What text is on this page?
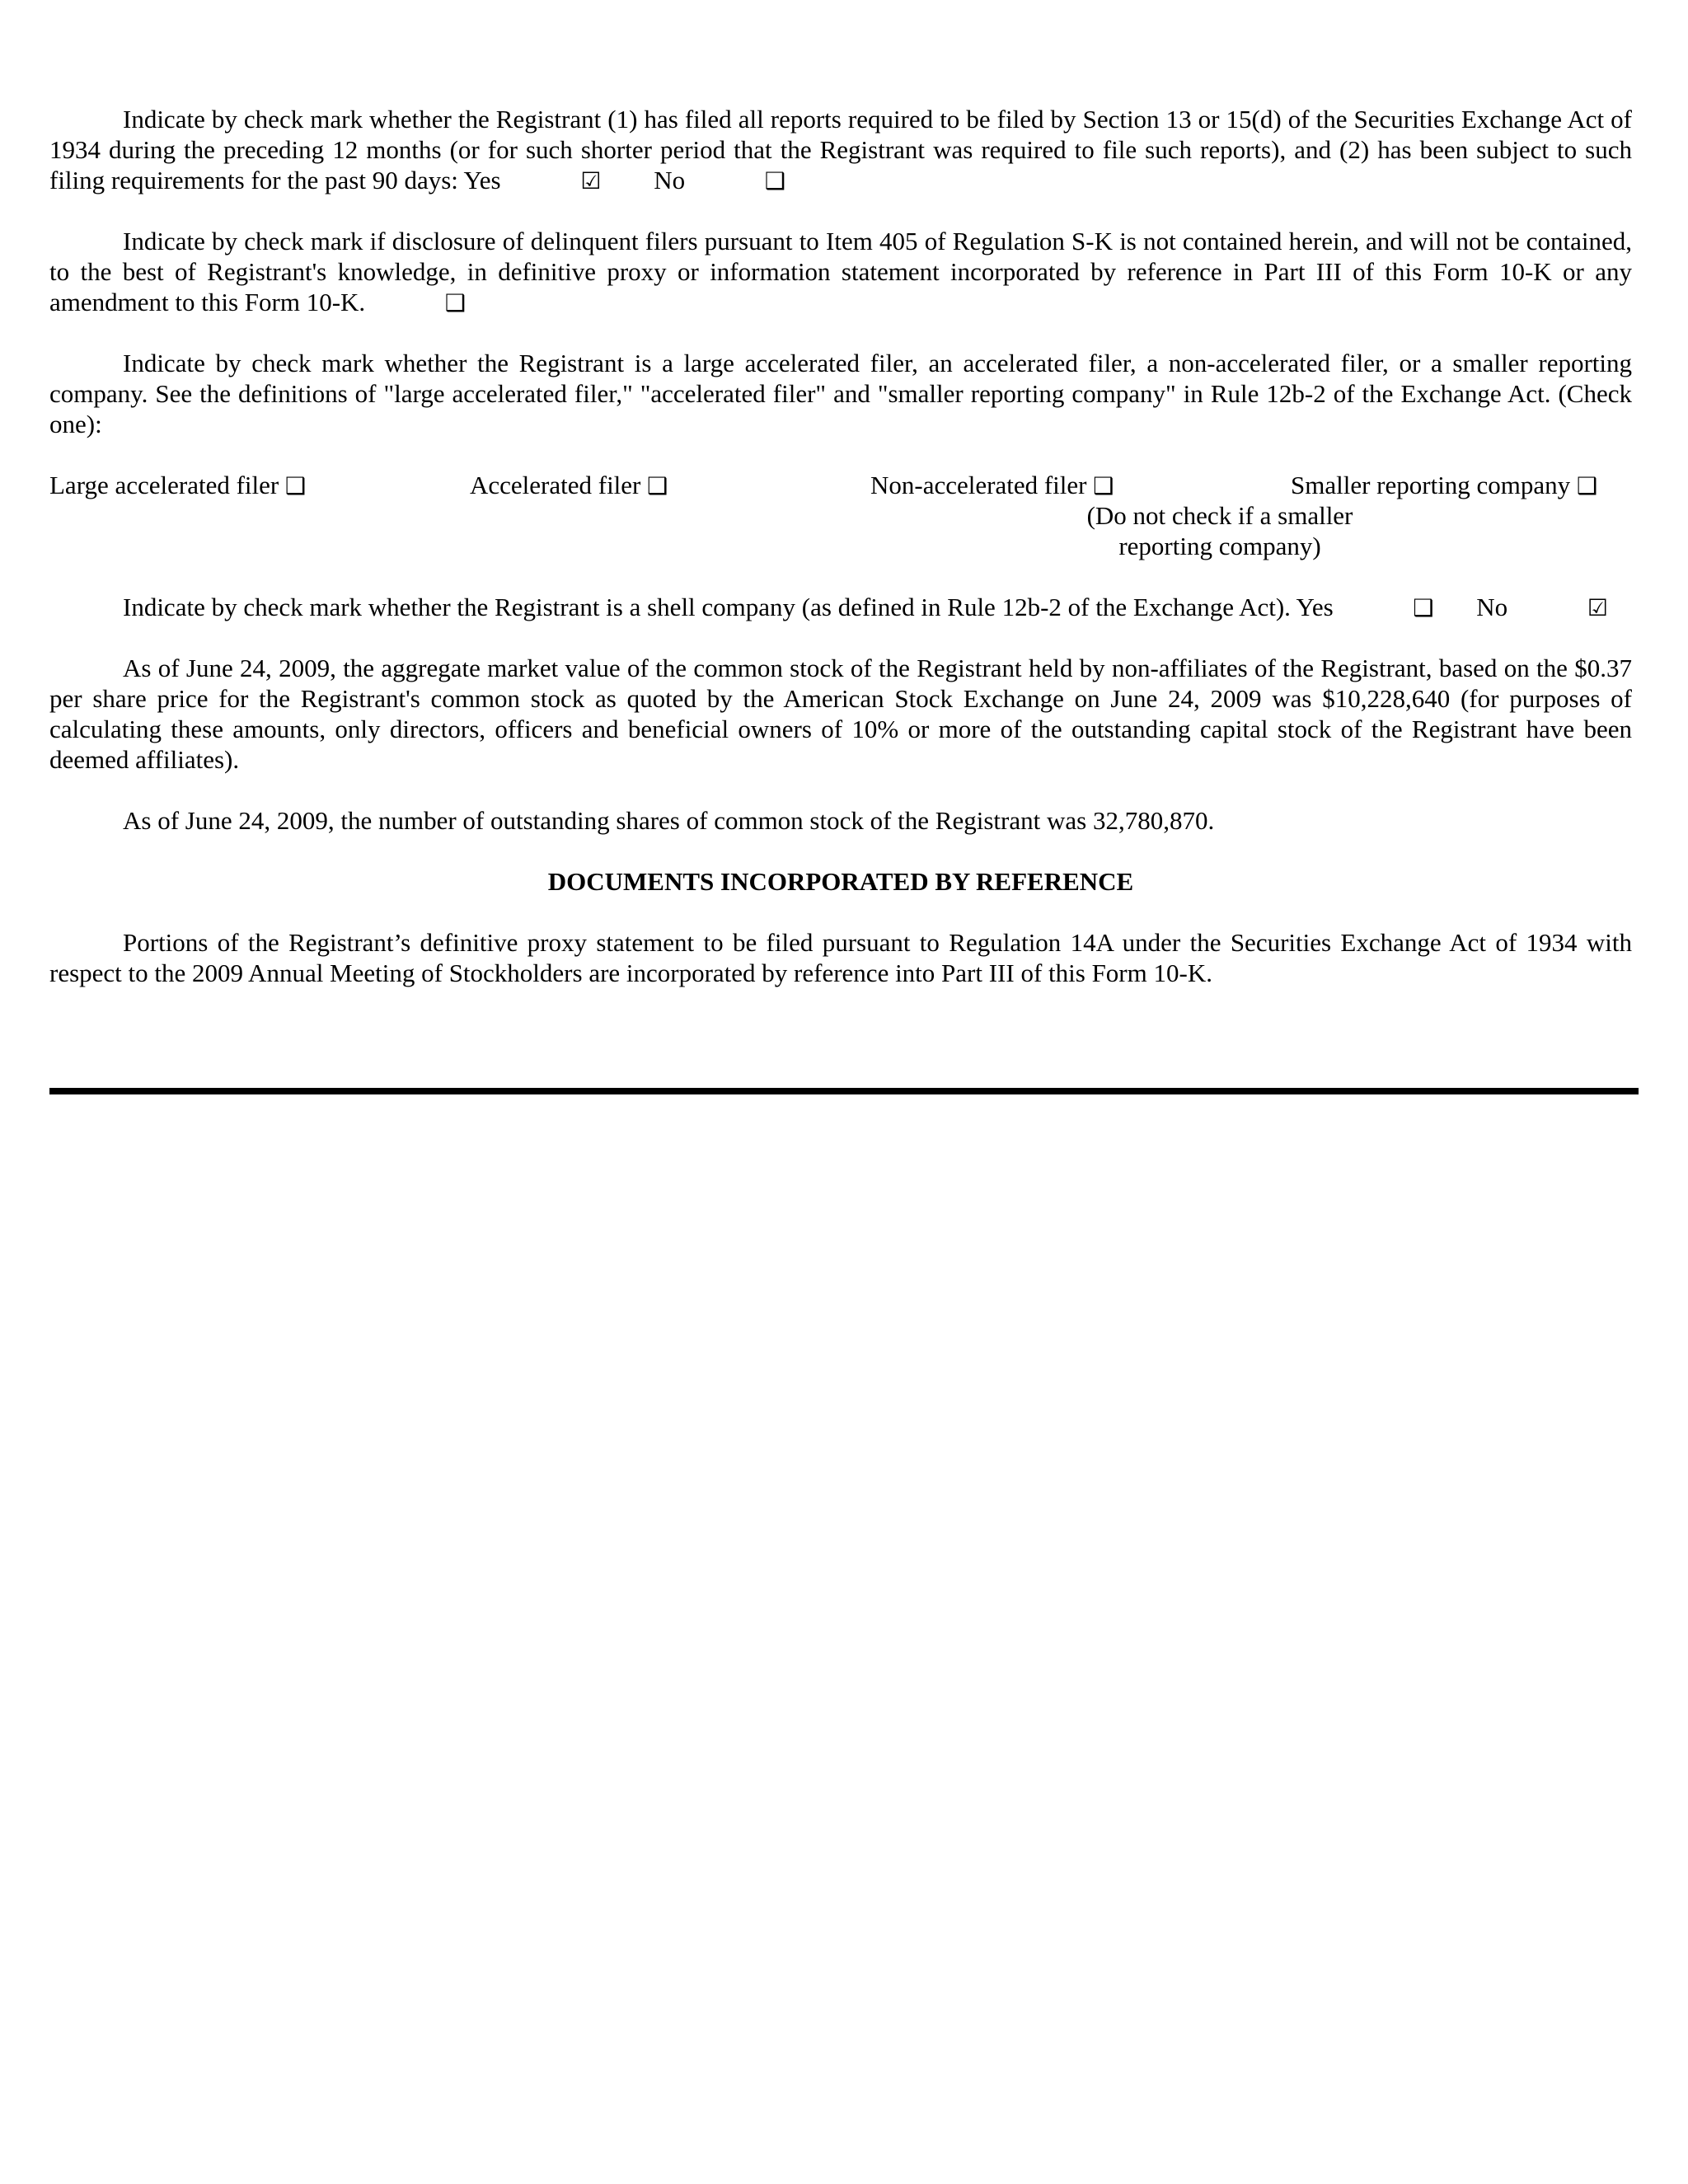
Indicate by check mark whether the Registrant (1) has filed all reports required to be filed by Section 13 or 15(d) of the Securities Exchange Act of 1934 during the preceding 12 months (or for such shorter period that the Registrant was required to file such reports), and (2) has been subject to such filing requirements for the past 90 days: Yes	☑ No	❑

Indicate by check mark if disclosure of delinquent filers pursuant to Item 405 of Regulation S-K is not contained herein, and will not be contained, to the best of Registrant's knowledge, in definitive proxy or information statement incorporated by reference in Part III of this Form 10-K or any amendment to this Form 10-K.	❑

Indicate by check mark whether the Registrant is a large accelerated filer, an accelerated filer, a non-accelerated filer, or a smaller reporting company. See the definitions of "large accelerated filer," "accelerated filer" and "smaller reporting company" in Rule 12b-2 of the Exchange Act. (Check one):

Large accelerated filer ❑	Accelerated filer ❑	Non-accelerated filer ❑	Smaller reporting company ❑
(Do not check if a smaller reporting company)

Indicate by check mark whether the Registrant is a shell company (as defined in Rule 12b-2 of the Exchange Act). Yes	❑ No	☑

As of June 24, 2009, the aggregate market value of the common stock of the Registrant held by non-affiliates of the Registrant, based on the $0.37 per share price for the Registrant's common stock as quoted by the American Stock Exchange on June 24, 2009 was $10,228,640 (for purposes of calculating these amounts, only directors, officers and beneficial owners of 10% or more of the outstanding capital stock of the Registrant have been deemed affiliates).

As of June 24, 2009, the number of outstanding shares of common stock of the Registrant was 32,780,870.

DOCUMENTS INCORPORATED BY REFERENCE

Portions of the Registrant’s definitive proxy statement to be filed pursuant to Regulation 14A under the Securities Exchange Act of 1934 with respect to the 2009 Annual Meeting of Stockholders are incorporated by reference into Part III of this Form 10-K.
